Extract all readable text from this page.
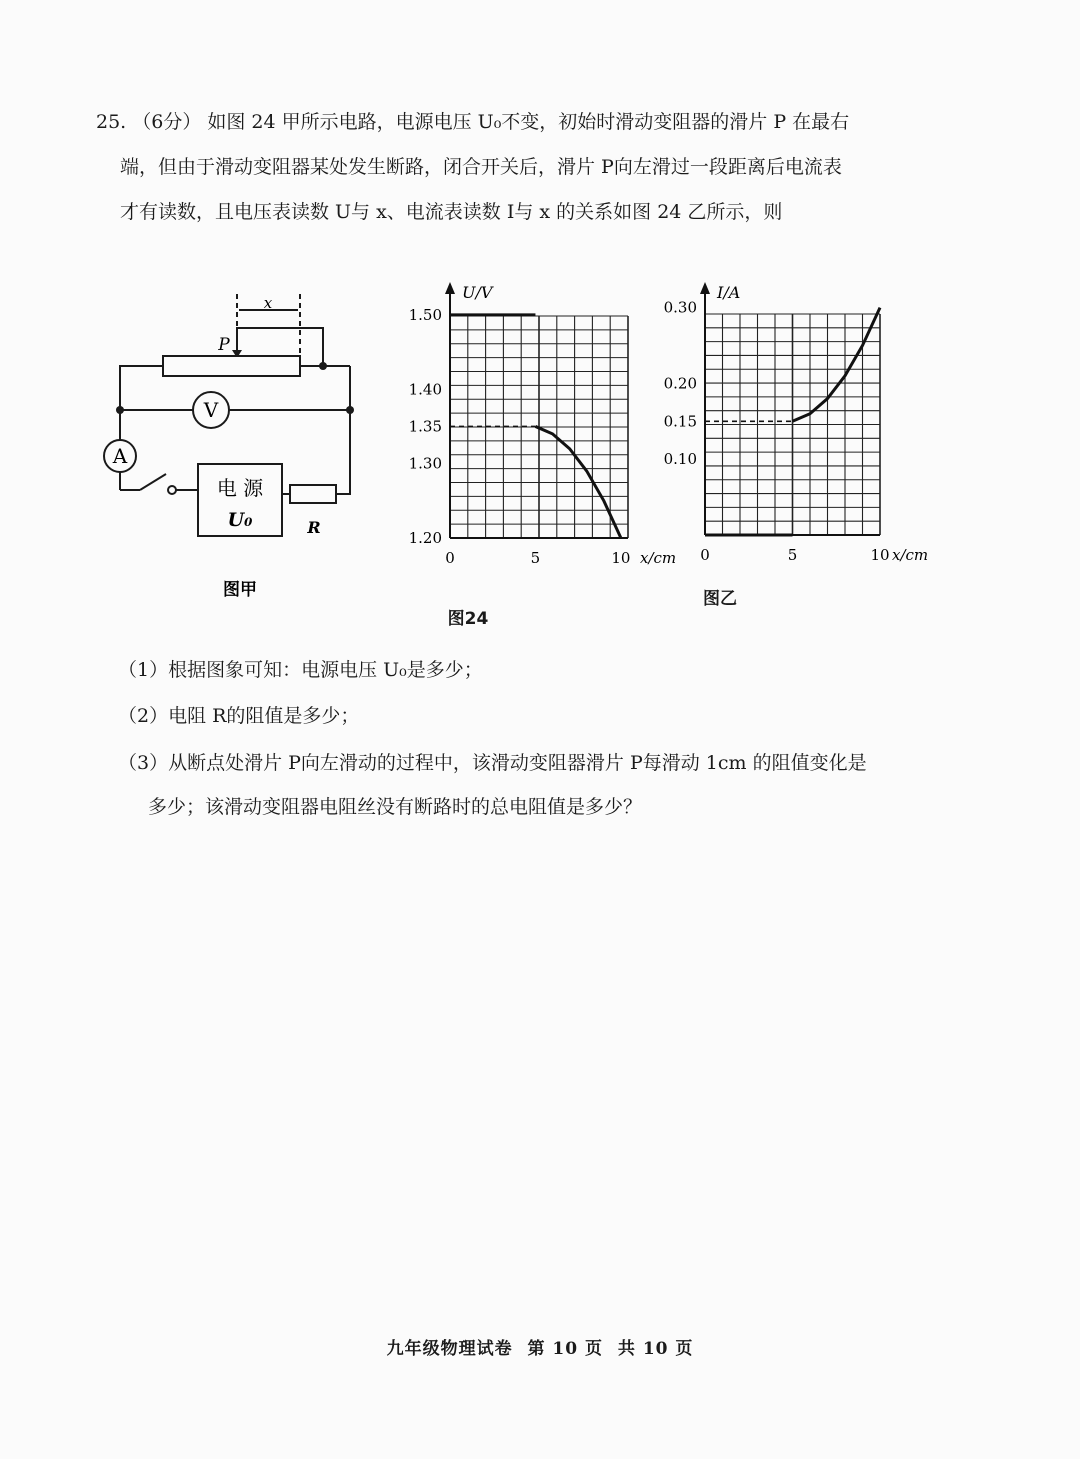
25. （6分） 如图 24 甲所示电路，电源电压 U₀不变，初始时滑动变阻器的滑片 P 在最右
端，但由于滑动变阻器某处发生断路，闭合开关后，滑片 P向左滑过一段距离后电流表
才有读数，且电压表读数 U与 x、电流表读数 I与 x 的关系如图 24 乙所示，则
V
A
电 源
U₀	R
x
P
图甲
U/V
x/cm
0	5	10
1.20
1.30
1.35
1.40
1.50
I/A
x/cm
0	5	10
0.10
0.15
0.20
0.30
图24
图乙
（1）根据图象可知：电源电压 U₀是多少；
（2）电阻 R的阻值是多少；
（3）从断点处滑片 P向左滑动的过程中，该滑动变阻器滑片 P每滑动 1cm 的阻值变化是
多少；该滑动变阻器电阻丝没有断路时的总电阻值是多少？
九年级物理试卷 第 10 页 共 10 页
